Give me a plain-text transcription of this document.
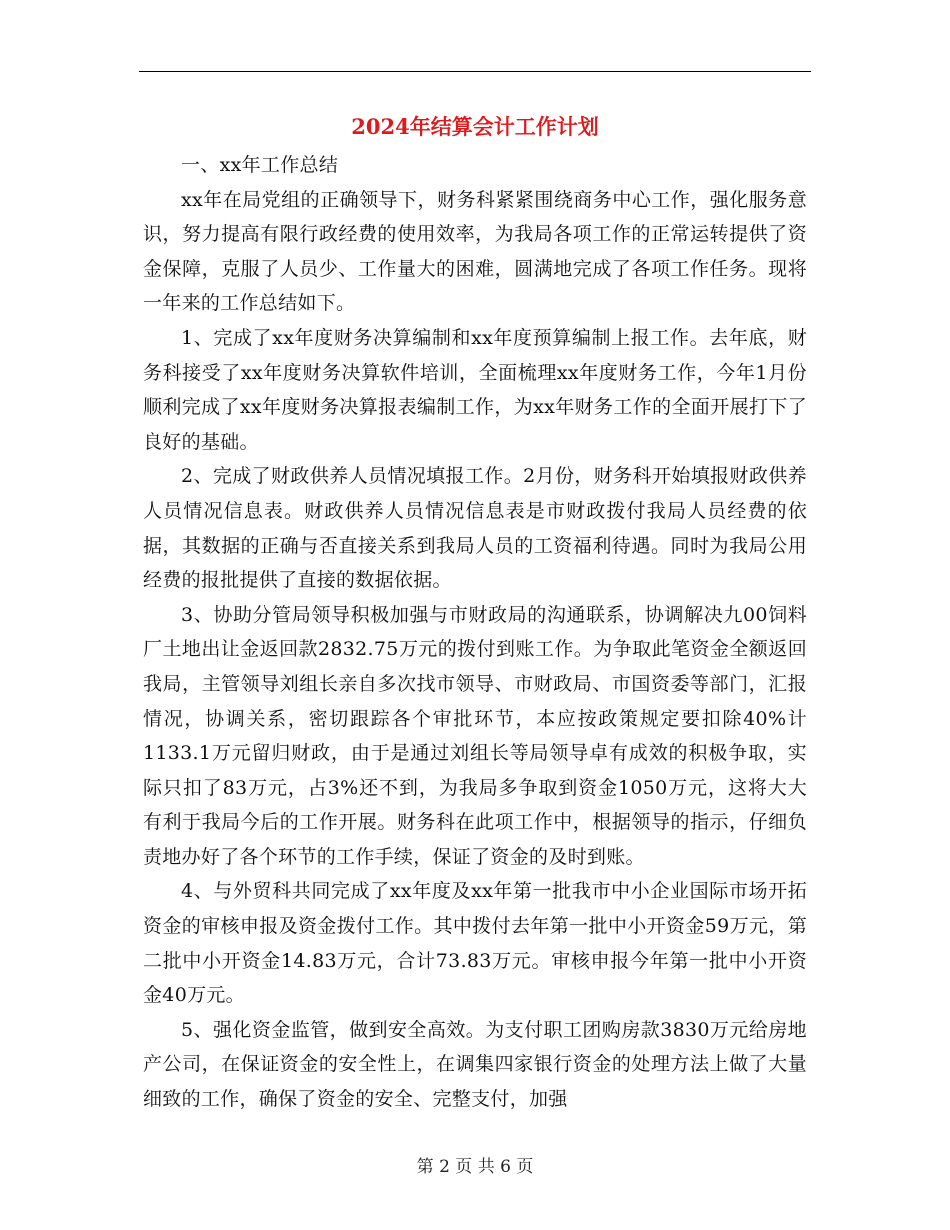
2024年结算会计工作计划

一、xx年工作总结

xx年在局党组的正确领导下，财务科紧紧围绕商务中心工作，强化服务意识，努力提高有限行政经费的使用效率，为我局各项工作的正常运转提供了资金保障，克服了人员少、工作量大的困难，圆满地完成了各项工作任务。现将一年来的工作总结如下。

1、完成了xx年度财务决算编制和xx年度预算编制上报工作。去年底，财务科接受了xx年度财务决算软件培训，全面梳理xx年度财务工作，今年1月份顺利完成了xx年度财务决算报表编制工作，为xx年财务工作的全面开展打下了良好的基础。

2、完成了财政供养人员情况填报工作。2月份，财务科开始填报财政供养人员情况信息表。财政供养人员情况信息表是市财政拨付我局人员经费的依据，其数据的正确与否直接关系到我局人员的工资福利待遇。同时为我局公用经费的报批提供了直接的数据依据。

3、协助分管局领导积极加强与市财政局的沟通联系，协调解决九00饲料厂土地出让金返回款2832.75万元的拨付到账工作。为争取此笔资金全额返回我局，主管领导刘组长亲自多次找市领导、市财政局、市国资委等部门，汇报情况，协调关系，密切跟踪各个审批环节，本应按政策规定要扣除40%计1133.1万元留归财政，由于是通过刘组长等局领导卓有成效的积极争取，实际只扣了83万元，占3%还不到，为我局多争取到资金1050万元，这将大大有利于我局今后的工作开展。财务科在此项工作中，根据领导的指示，仔细负责地办好了各个环节的工作手续，保证了资金的及时到账。

4、与外贸科共同完成了xx年度及xx年第一批我市中小企业国际市场开拓资金的审核申报及资金拨付工作。其中拨付去年第一批中小开资金59万元，第二批中小开资金14.83万元，合计73.83万元。审核申报今年第一批中小开资金40万元。

5、强化资金监管，做到安全高效。为支付职工团购房款3830万元给房地产公司，在保证资金的安全性上，在调集四家银行资金的处理方法上做了大量细致的工作，确保了资金的安全、完整支付，加强

第 2 页 共 6 页
